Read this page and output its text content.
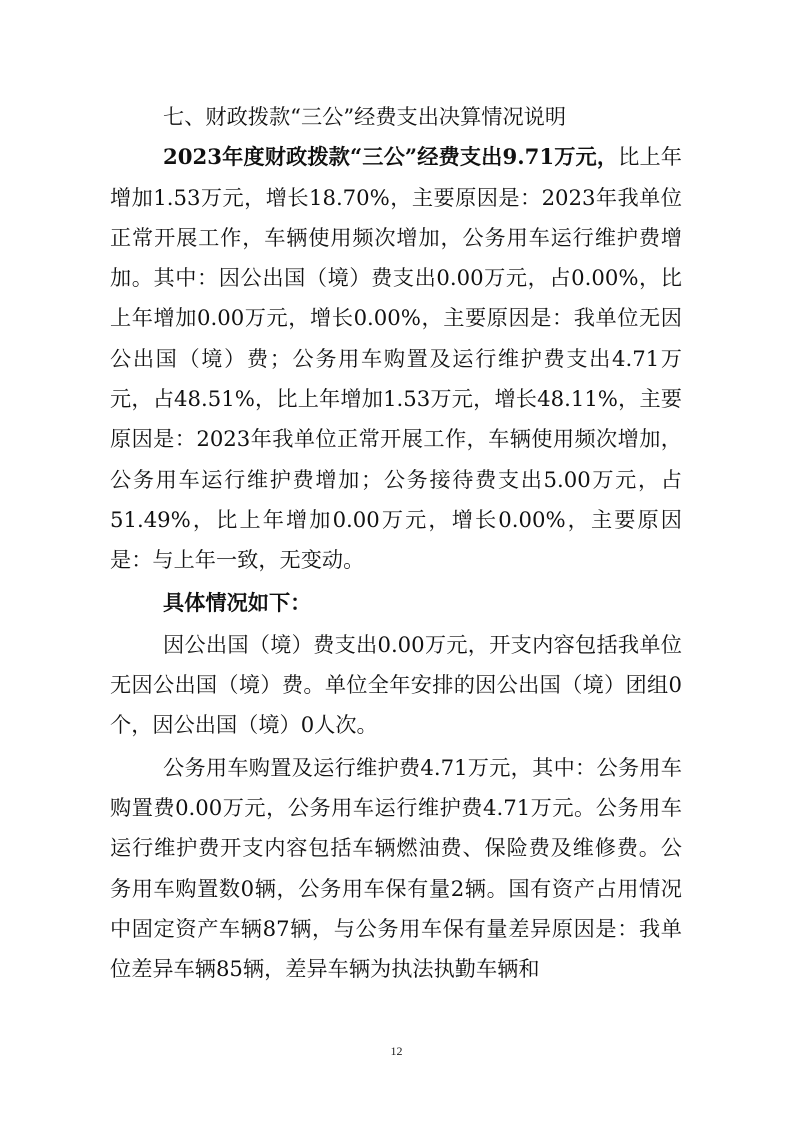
七、财政拨款“三公”经费支出决算情况说明

2023年度财政拨款“三公”经费支出9.71万元，比上年增加1.53万元，增长18.70%，主要原因是：2023年我单位正常开展工作，车辆使用频次增加，公务用车运行维护费增加。其中：因公出国（境）费支出0.00万元，占0.00%，比上年增加0.00万元，增长0.00%，主要原因是：我单位无因公出国（境）费；公务用车购置及运行维护费支出4.71万元，占48.51%，比上年增加1.53万元，增长48.11%，主要原因是：2023年我单位正常开展工作，车辆使用频次增加，公务用车运行维护费增加；公务接待费支出5.00万元，占51.49%，比上年增加0.00万元，增长0.00%，主要原因是：与上年一致，无变动。

具体情况如下：

因公出国（境）费支出0.00万元，开支内容包括我单位无因公出国（境）费。单位全年安排的因公出国（境）团组0个，因公出国（境）0人次。

公务用车购置及运行维护费4.71万元，其中：公务用车购置费0.00万元，公务用车运行维护费4.71万元。公务用车运行维护费开支内容包括车辆燃油费、保险费及维修费。公务用车购置数0辆，公务用车保有量2辆。国有资产占用情况中固定资产车辆87辆，与公务用车保有量差异原因是：我单位差异车辆85辆，差异车辆为执法执勤车辆和

12
